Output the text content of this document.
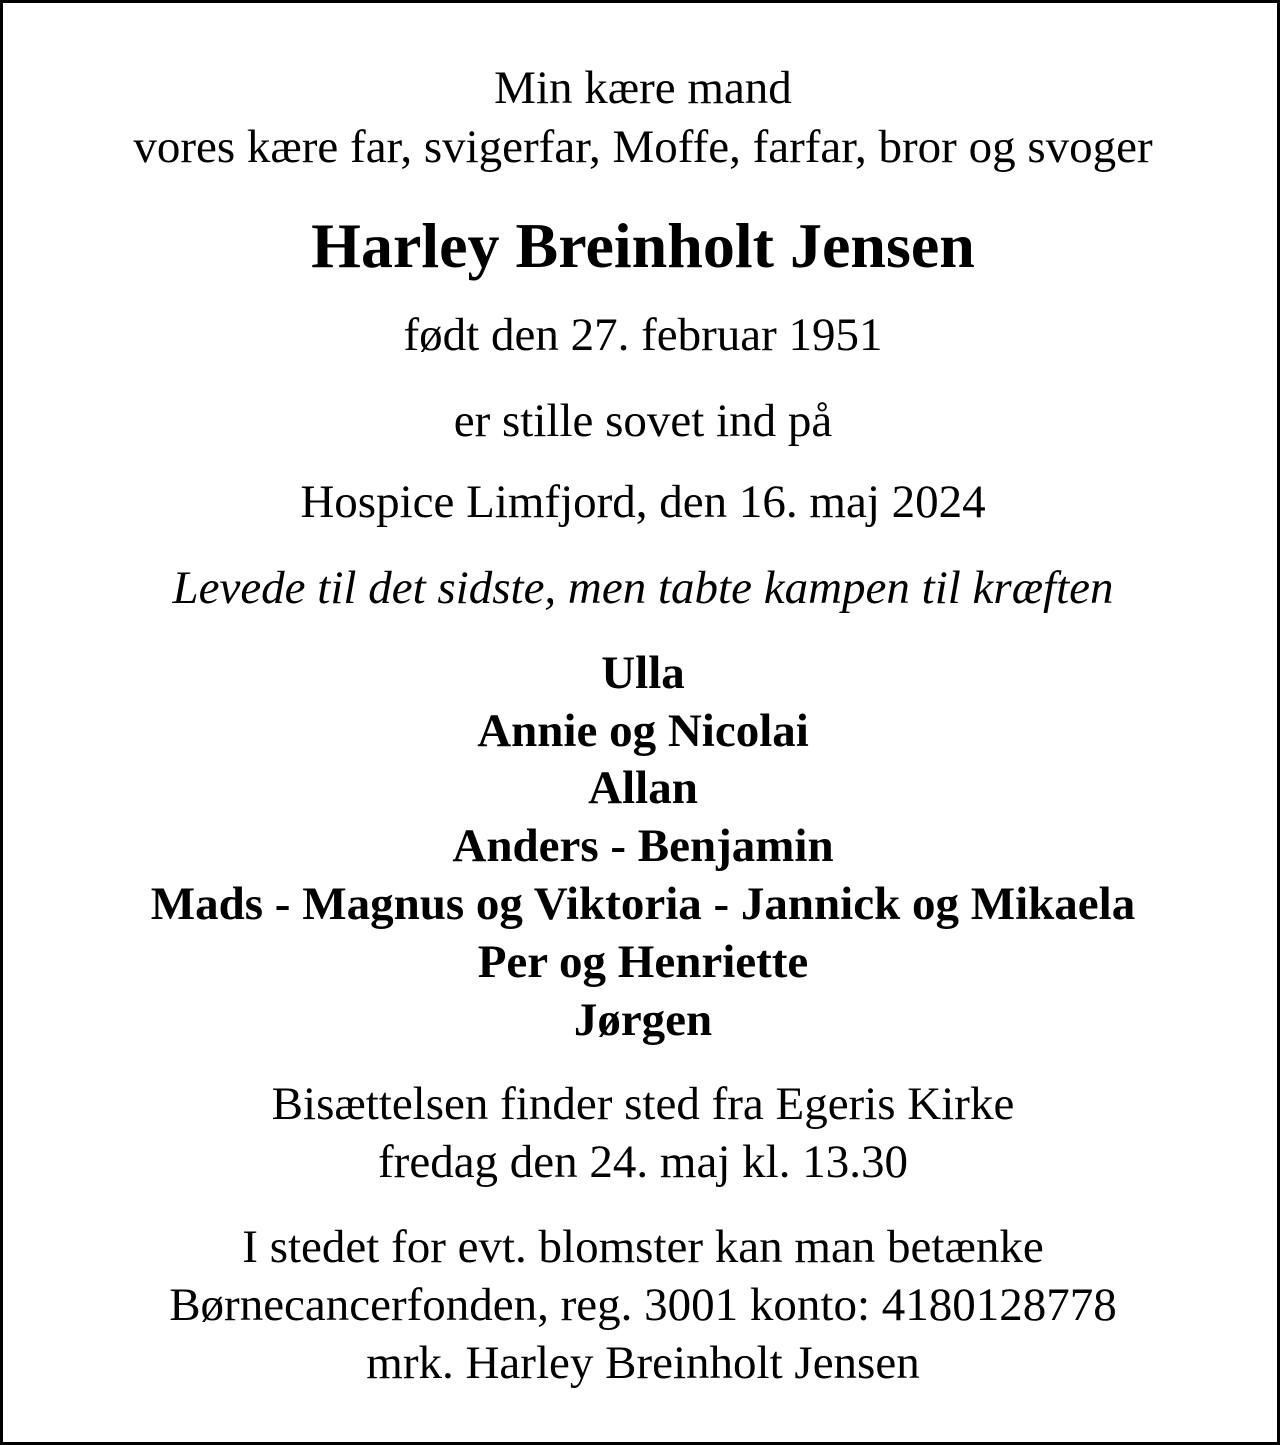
Min kære mand
vores kære far, svigerfar, Moffe, farfar, bror og svoger
Harley Breinholt Jensen
født den 27. februar 1951
er stille sovet ind på
Hospice Limfjord, den 16. maj 2024
Levede til det sidste, men tabte kampen til kræften
Ulla
Annie og Nicolai
Allan
Anders - Benjamin
Mads - Magnus og Viktoria - Jannick og Mikaela
Per og Henriette
Jørgen
Bisættelsen finder sted fra Egeris Kirke
fredag den 24. maj kl. 13.30
I stedet for evt. blomster kan man betænke
Børnecancerfonden, reg. 3001 konto: 4180128778
mrk. Harley Breinholt Jensen
